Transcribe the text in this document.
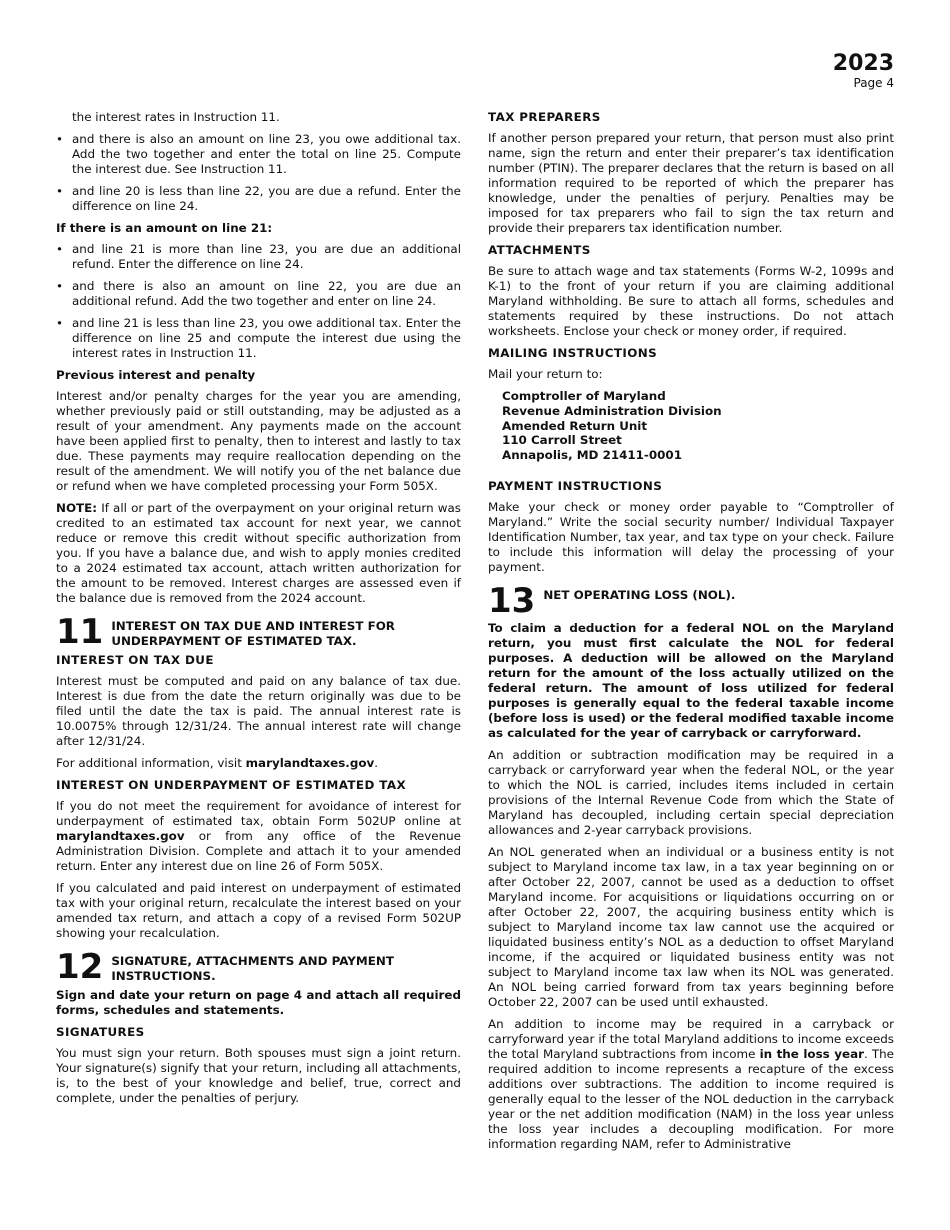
2023
Page 4

the interest rates in Instruction 11.

• and there is also an amount on line 23, you owe additional tax. Add the two together and enter the total on line 25. Compute the interest due. See Instruction 11.
• and line 20 is less than line 22, you are due a refund. Enter the difference on line 24.
If there is an amount on line 21:
• and line 21 is more than line 23, you are due an additional refund. Enter the difference on line 24.
• and there is also an amount on line 22, you are due an additional refund. Add the two together and enter on line 24.
• and line 21 is less than line 23, you owe additional tax. Enter the difference on line 25 and compute the interest due using the interest rates in Instruction 11.
Previous interest and penalty

Interest and/or penalty charges for the year you are amending, whether previously paid or still outstanding, may be adjusted as a result of your amendment. Any payments made on the account have been applied first to penalty, then to interest and lastly to tax due. These payments may require reallocation depending on the result of the amendment. We will notify you of the net balance due or refund when we have completed processing your Form 505X.

NOTE: If all or part of the overpayment on your original return was credited to an estimated tax account for next year, we cannot reduce or remove this credit without specific authorization from you. If you have a balance due, and wish to apply monies credited to a 2024 estimated tax account, attach written authorization for the amount to be removed. Interest charges are assessed even if the balance due is removed from the 2024 account.

11 INTEREST ON TAX DUE AND INTEREST FOR UNDERPAYMENT OF ESTIMATED TAX.
INTEREST ON TAX DUE

Interest must be computed and paid on any balance of tax due. Interest is due from the date the return originally was due to be filed until the date the tax is paid. The annual interest rate is 10.0075% through 12/31/24. The annual interest rate will change after 12/31/24.

For additional information, visit marylandtaxes.gov.

INTEREST ON UNDERPAYMENT OF ESTIMATED TAX

If you do not meet the requirement for avoidance of interest for underpayment of estimated tax, obtain Form 502UP online at marylandtaxes.gov or from any office of the Revenue Administration Division. Complete and attach it to your amended return. Enter any interest due on line 26 of Form 505X.

If you calculated and paid interest on underpayment of estimated tax with your original return, recalculate the interest based on your amended tax return, and attach a copy of a revised Form 502UP showing your recalculation.

12 SIGNATURE, ATTACHMENTS AND PAYMENT INSTRUCTIONS.

Sign and date your return on page 4 and attach all required forms, schedules and statements.

SIGNATURES

You must sign your return. Both spouses must sign a joint return. Your signature(s) signify that your return, including all attachments, is, to the best of your knowledge and belief, true, correct and complete, under the penalties of perjury.

TAX PREPARERS

If another person prepared your return, that person must also print name, sign the return and enter their preparer’s tax identification number (PTIN). The preparer declares that the return is based on all information required to be reported of which the preparer has knowledge, under the penalties of perjury. Penalties may be imposed for tax preparers who fail to sign the tax return and provide their preparers tax identification number.

ATTACHMENTS

Be sure to attach wage and tax statements (Forms W-2, 1099s and K-1) to the front of your return if you are claiming additional Maryland withholding. Be sure to attach all forms, schedules and statements required by these instructions. Do not attach worksheets. Enclose your check or money order, if required.

MAILING INSTRUCTIONS

Mail your return to:

Comptroller of Maryland
Revenue Administration Division
Amended Return Unit
110 Carroll Street
Annapolis, MD 21411-0001
PAYMENT INSTRUCTIONS

Make your check or money order payable to “Comptroller of Maryland.” Write the social security number/ Individual Taxpayer Identification Number, tax year, and tax type on your check. Failure to include this information will delay the processing of your payment.

13 NET OPERATING LOSS (NOL).

To claim a deduction for a federal NOL on the Maryland return, you must first calculate the NOL for federal purposes. A deduction will be allowed on the Maryland return for the amount of the loss actually utilized on the federal return. The amount of loss utilized for federal purposes is generally equal to the federal taxable income (before loss is used) or the federal modified taxable income as calculated for the year of carryback or carryforward.

An addition or subtraction modification may be required in a carryback or carryforward year when the federal NOL, or the year to which the NOL is carried, includes items included in certain provisions of the Internal Revenue Code from which the State of Maryland has decoupled, including certain special depreciation allowances and 2-year carryback provisions.

An NOL generated when an individual or a business entity is not subject to Maryland income tax law, in a tax year beginning on or after October 22, 2007, cannot be used as a deduction to offset Maryland income. For acquisitions or liquidations occurring on or after October 22, 2007, the acquiring business entity which is subject to Maryland income tax law cannot use the acquired or liquidated business entity’s NOL as a deduction to offset Maryland income, if the acquired or liquidated business entity was not subject to Maryland income tax law when its NOL was generated. An NOL being carried forward from tax years beginning before October 22, 2007 can be used until exhausted.

An addition to income may be required in a carryback or carryforward year if the total Maryland additions to income exceeds the total Maryland subtractions from income in the loss year. The required addition to income represents a recapture of the excess additions over subtractions. The addition to income required is generally equal to the lesser of the NOL deduction in the carryback year or the net addition modification (NAM) in the loss year unless the loss year includes a decoupling modification. For more information regarding NAM, refer to Administrative
